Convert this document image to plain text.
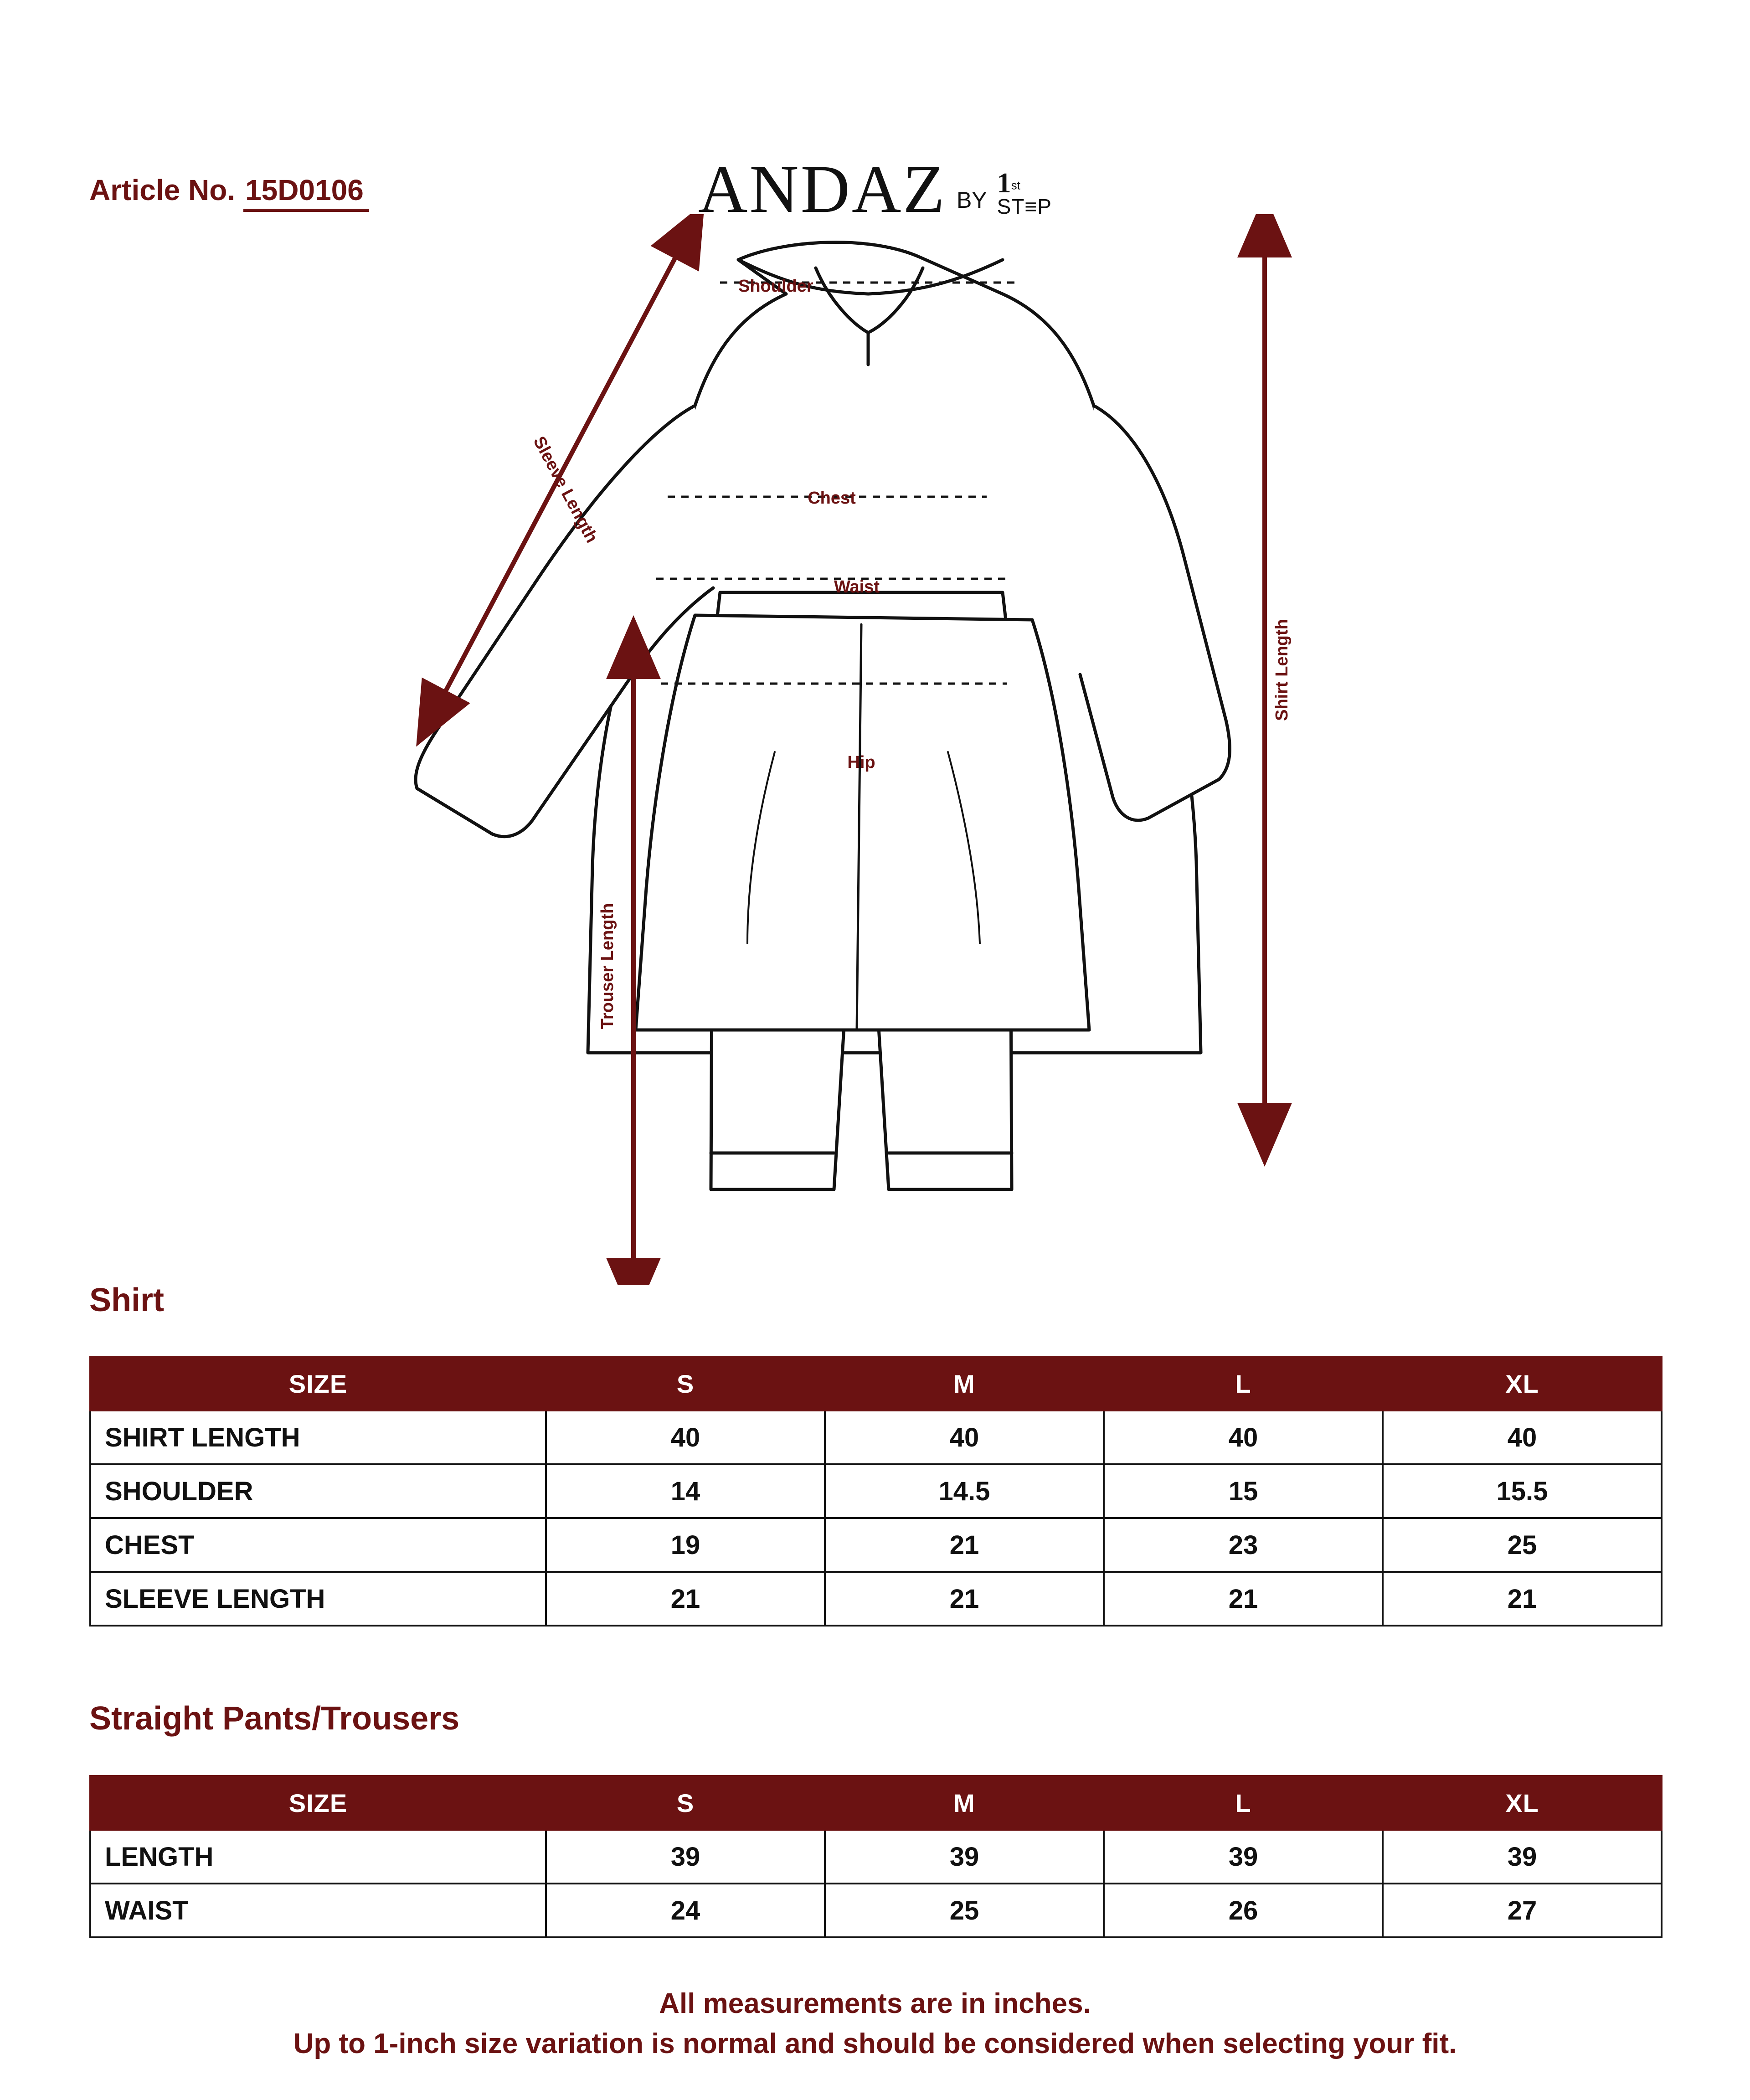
Article No. 15D0106	ANDAZ BY
1st
ST≡P
Shoulder
Chest
Waist
Hip
Sleeve Length
Shirt Length
Trouser Length
Shirt
SIZE	S	M	L	XL
SHIRT LENGTH	40	40	40	40
SHOULDER	14	14.5	15	15.5
CHEST	19	21	23	25
SLEEVE LENGTH	21	21	21	21
Straight Pants/Trousers
SIZE	S	M	L	XL
LENGTH	39	39	39	39
WAIST	24	25	26	27
All measurements are in inches.
Up to 1-inch size variation is normal and should be considered when selecting your fit.
